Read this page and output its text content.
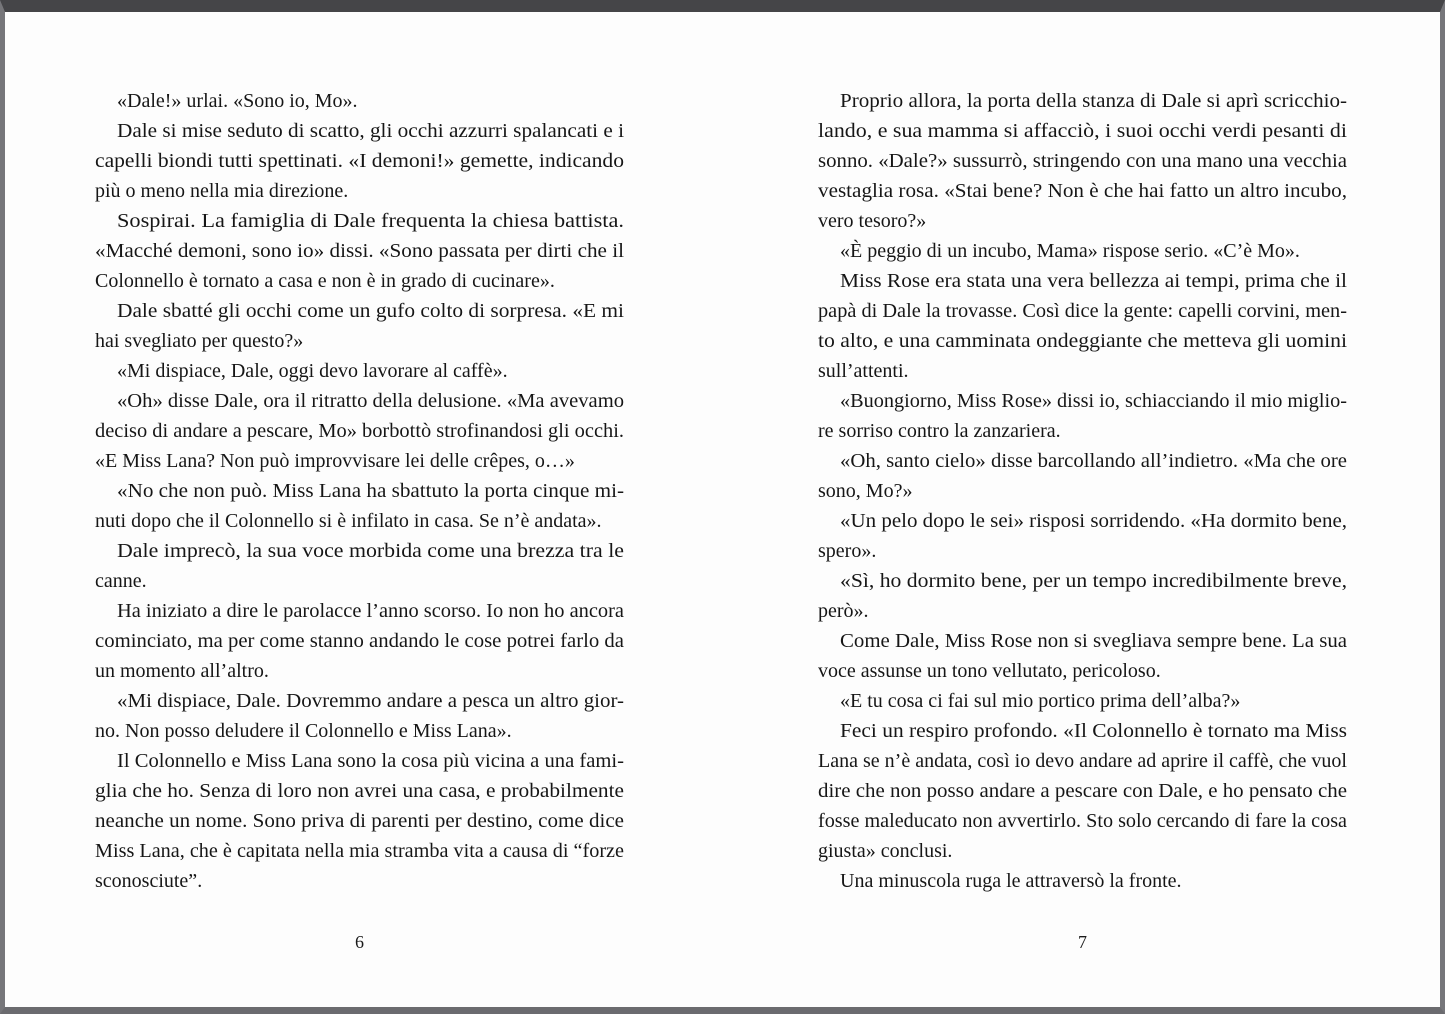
«Dale!» urlai. «Sono io, Mo».
Dale si mise seduto di scatto, gli occhi azzurri spalancati e i
capelli biondi tutti spettinati. «I demoni!» gemette, indicando
più o meno nella mia direzione.
Sospirai. La famiglia di Dale frequenta la chiesa battista.
«Macché demoni, sono io» dissi. «Sono passata per dirti che il
Colonnello è tornato a casa e non è in grado di cucinare».
Dale sbatté gli occhi come un gufo colto di sorpresa. «E mi
hai svegliato per questo?»
«Mi dispiace, Dale, oggi devo lavorare al caffè».
«Oh» disse Dale, ora il ritratto della delusione. «Ma avevamo
deciso di andare a pescare, Mo» borbottò strofinandosi gli occhi.
«E Miss Lana? Non può improvvisare lei delle crêpes, o…»
«No che non può. Miss Lana ha sbattuto la porta cinque mi-
nuti dopo che il Colonnello si è infilato in casa. Se n’è andata».
Dale imprecò, la sua voce morbida come una brezza tra le
canne.
Ha iniziato a dire le parolacce l’anno scorso. Io non ho ancora
cominciato, ma per come stanno andando le cose potrei farlo da
un momento all’altro.
«Mi dispiace, Dale. Dovremmo andare a pesca un altro gior-
no. Non posso deludere il Colonnello e Miss Lana».
Il Colonnello e Miss Lana sono la cosa più vicina a una fami-
glia che ho. Senza di loro non avrei una casa, e probabilmente
neanche un nome. Sono priva di parenti per destino, come dice
Miss Lana, che è capitata nella mia stramba vita a causa di “forze
sconosciute”.
Proprio allora, la porta della stanza di Dale si aprì scricchio-
lando, e sua mamma si affacciò, i suoi occhi verdi pesanti di
sonno. «Dale?» sussurrò, stringendo con una mano una vecchia
vestaglia rosa. «Stai bene? Non è che hai fatto un altro incubo,
vero tesoro?»
«È peggio di un incubo, Mama» rispose serio. «C’è Mo».
Miss Rose era stata una vera bellezza ai tempi, prima che il
papà di Dale la trovasse. Così dice la gente: capelli corvini, men-
to alto, e una camminata ondeggiante che metteva gli uomini
sull’attenti.
«Buongiorno, Miss Rose» dissi io, schiacciando il mio miglio-
re sorriso contro la zanzariera.
«Oh, santo cielo» disse barcollando all’indietro. «Ma che ore
sono, Mo?»
«Un pelo dopo le sei» risposi sorridendo. «Ha dormito bene,
spero».
«Sì, ho dormito bene, per un tempo incredibilmente breve,
però».
Come Dale, Miss Rose non si svegliava sempre bene. La sua
voce assunse un tono vellutato, pericoloso.
«E tu cosa ci fai sul mio portico prima dell’alba?»
Feci un respiro profondo. «Il Colonnello è tornato ma Miss
Lana se n’è andata, così io devo andare ad aprire il caffè, che vuol
dire che non posso andare a pescare con Dale, e ho pensato che
fosse maleducato non avvertirlo. Sto solo cercando di fare la cosa
giusta» conclusi.
Una minuscola ruga le attraversò la fronte.
6	7
